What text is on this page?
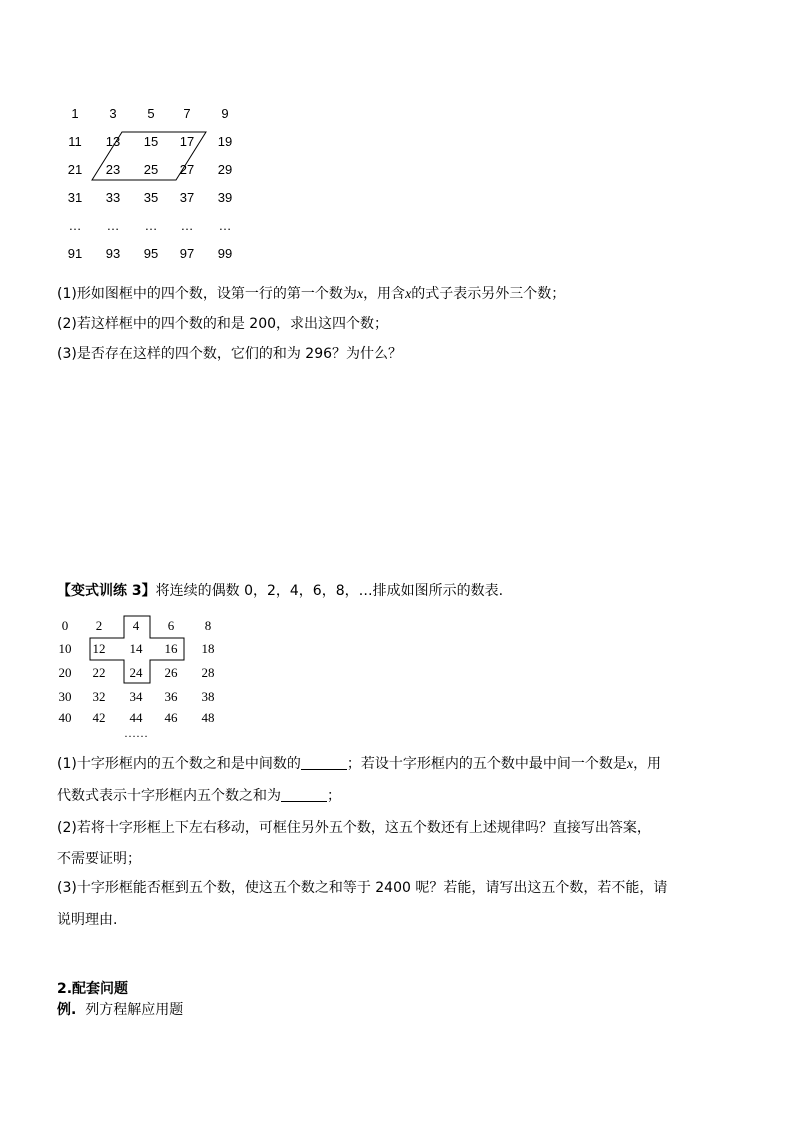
1	3	5	7	9
11	13	15	17	19
21	23	25	27	29
31	33	35	37	39
…	…	…	…	…
91	93	95	97	99
(1)形如图框中的四个数，设第一行的第一个数为x，用含x的式子表示另外三个数；
(2)若这样框中的四个数的和是 200，求出这四个数；
(3)是否存在这样的四个数，它们的和为 296？为什么？
【变式训练 3】将连续的偶数 0，2，4，6，8，…排成如图所示的数表.
0	2	4	6	8
10	12	14	16	18
20	22	24	26	28
30	32	34	36	38
40	42	44	46	48
……
(1)十字形框内的五个数之和是中间数的	；若设十字形框内的五个数中最中间一个数是x，用
代数式表示十字形框内五个数之和为	；
(2)若将十字形框上下左右移动，可框住另外五个数，这五个数还有上述规律吗？直接写出答案，
不需要证明；
(3)十字形框能否框到五个数，使这五个数之和等于 2400 呢？若能，请写出这五个数，若不能，请
说明理由.
2.配套问题
例. 列方程解应用题
